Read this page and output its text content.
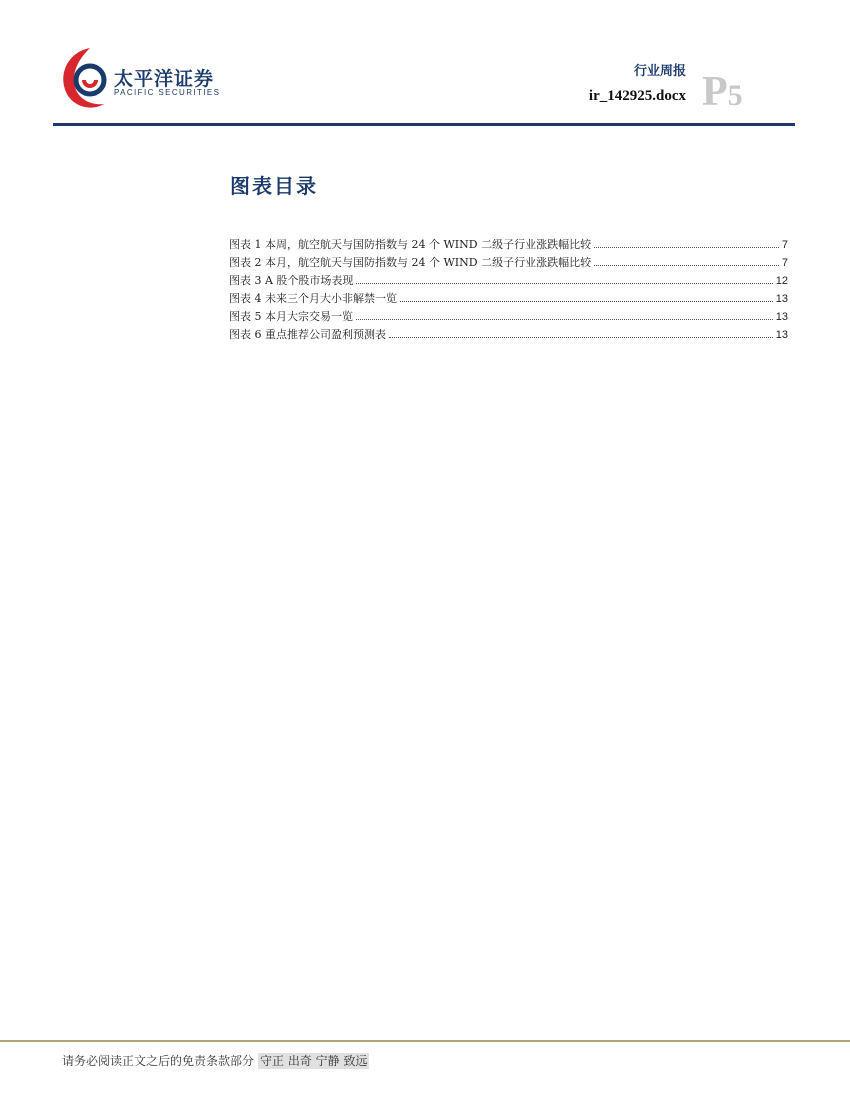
太平洋证券
PACIFIC SECURITIES
行业周报
ir_142925.docx P5
图表目录
图表 1 本周，航空航天与国防指数与 24 个 WIND 二级子行业涨跌幅比较	7
图表 2 本月，航空航天与国防指数与 24 个 WIND 二级子行业涨跌幅比较	7
图表 3 A 股个股市场表现	12
图表 4 未来三个月大小非解禁一览	13
图表 5 本月大宗交易一览	13
图表 6 重点推荐公司盈利预测表	13
请务必阅读正文之后的免责条款部分 守正 出奇 宁静 致远
